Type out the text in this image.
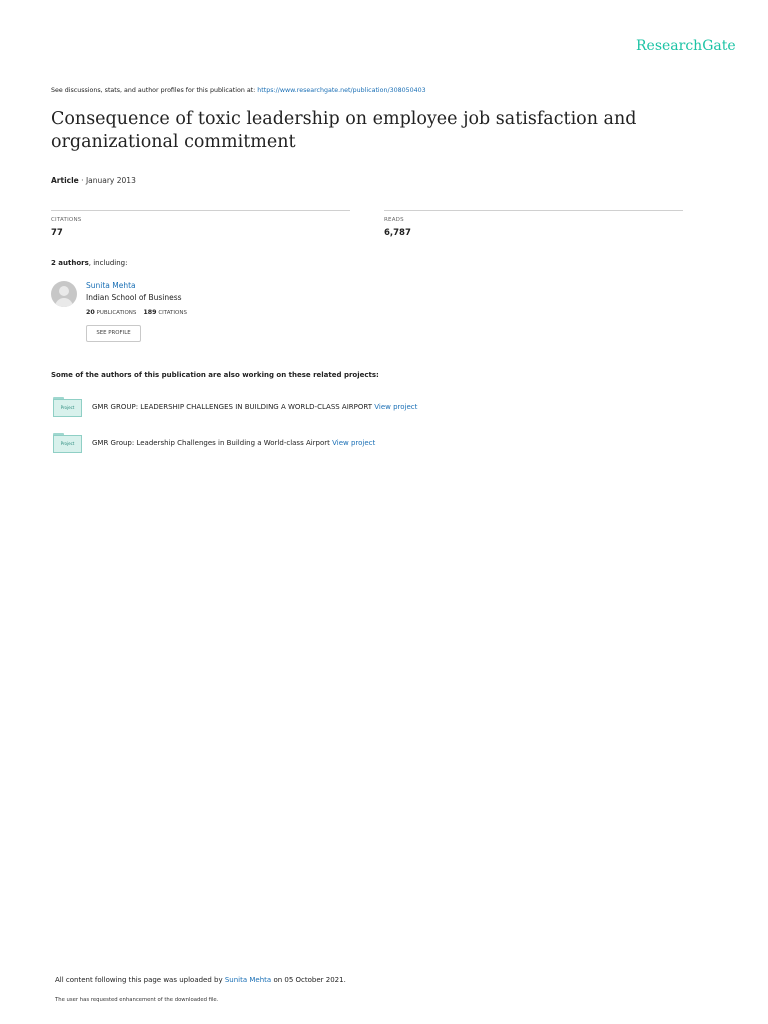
ResearchGate
See discussions, stats, and author profiles for this publication at: https://www.researchgate.net/publication/308050403
Consequence of toxic leadership on employee job satisfaction and organizational commitment
Article · January 2013
CITATIONS
77
READS
6,787
2 authors, including:
Sunita Mehta
Indian School of Business
20 PUBLICATIONS 189 CITATIONS
SEE PROFILE
Some of the authors of this publication are also working on these related projects:
Project	GMR GROUP: LEADERSHIP CHALLENGES IN BUILDING A WORLD-CLASS AIRPORT View project
Project	GMR Group: Leadership Challenges in Building a World-class Airport View project
All content following this page was uploaded by Sunita Mehta on 05 October 2021.
The user has requested enhancement of the downloaded file.
